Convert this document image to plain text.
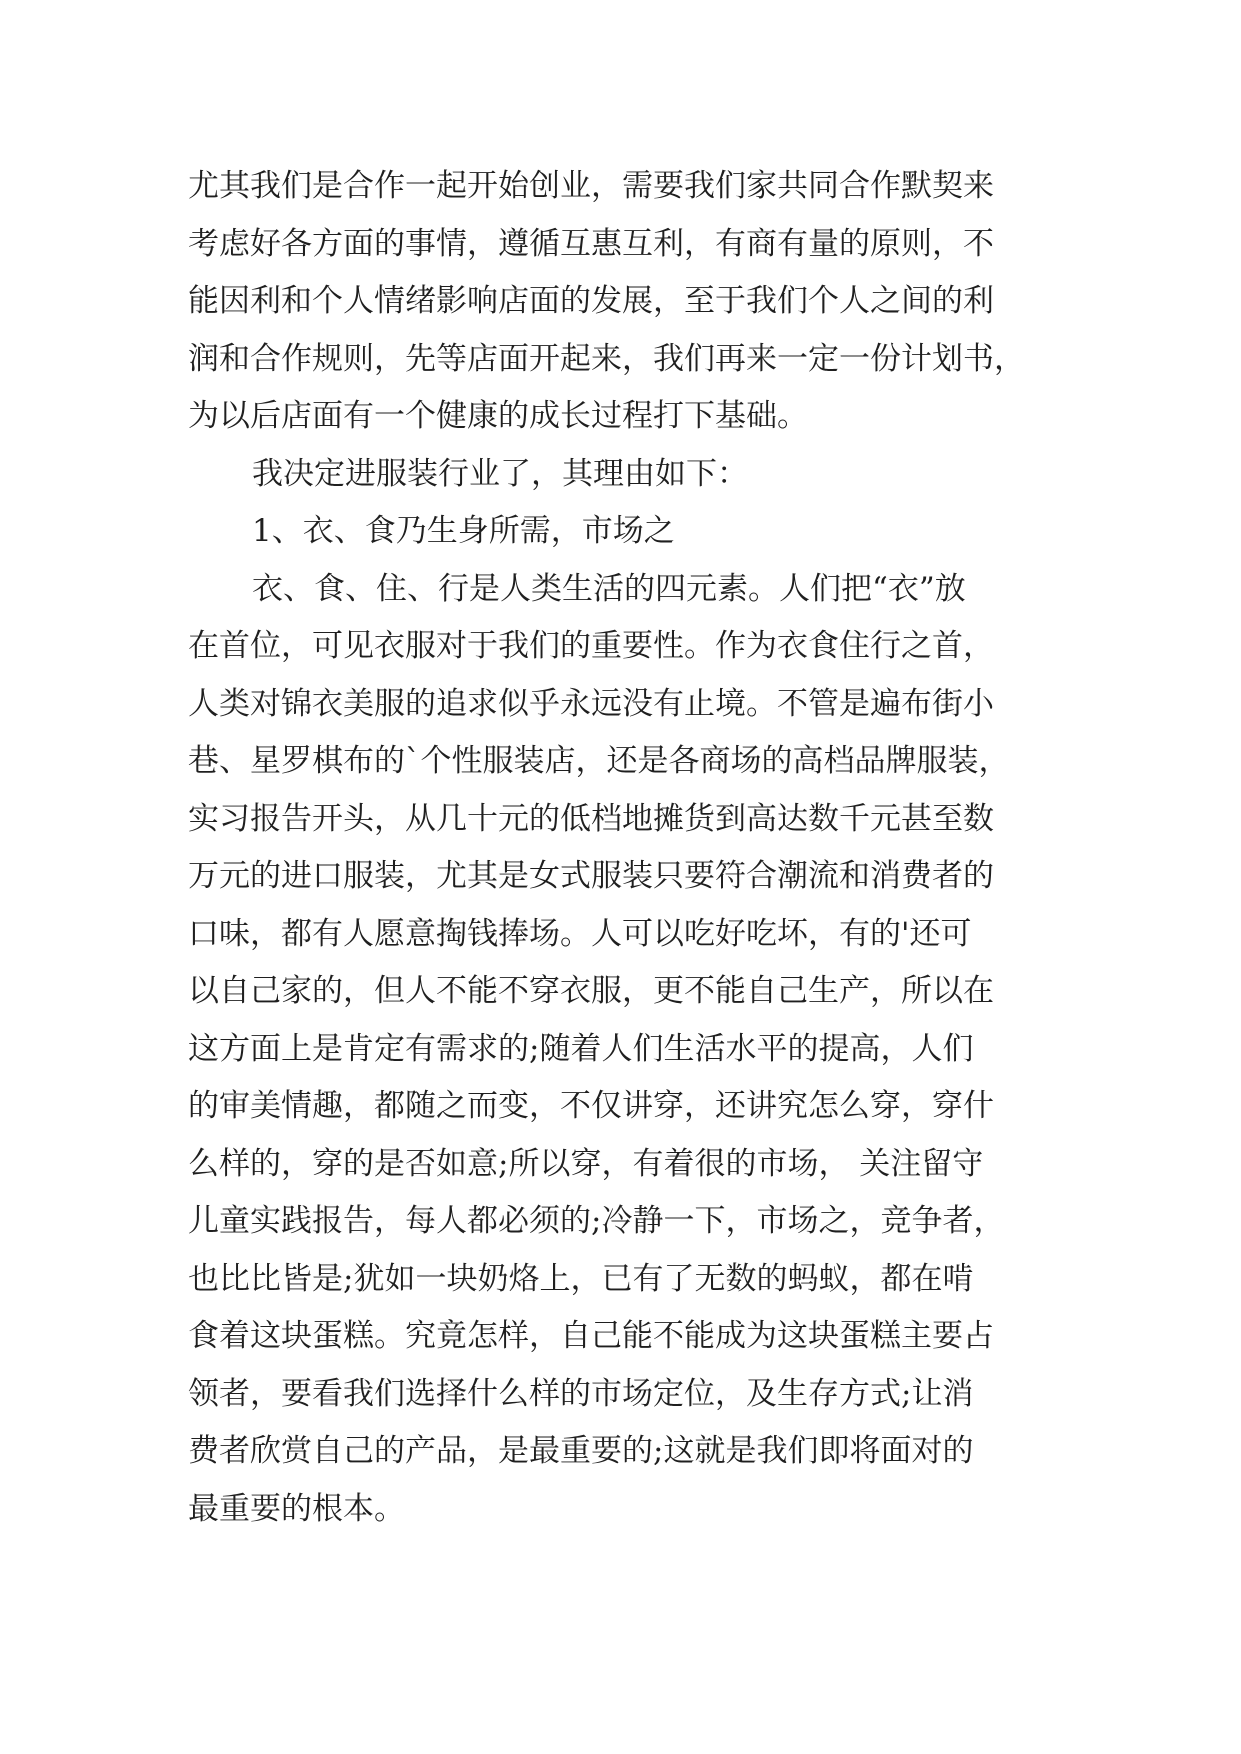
尤其我们是合作一起开始创业，需要我们家共同合作默契来
考虑好各方面的事情，遵循互惠互利，有商有量的原则，不
能因利和个人情绪影响店面的发展，至于我们个人之间的利
润和合作规则，先等店面开起来，我们再来一定一份计划书，
为以后店面有一个健康的成长过程打下基础。
我决定进服装行业了，其理由如下：
1、衣、食乃生身所需，市场之
衣、食、住、行是人类生活的四元素。人们把“衣”放
在首位，可见衣服对于我们的重要性。作为衣食住行之首，
人类对锦衣美服的追求似乎永远没有止境。不管是遍布街小
巷、星罗棋布的`个性服装店，还是各商场的高档品牌服装，
实习报告开头，从几十元的低档地摊货到高达数千元甚至数
万元的进口服装，尤其是女式服装只要符合潮流和消费者的
口味，都有人愿意掏钱捧场。人可以吃好吃坏，有的'还可
以自己家的，但人不能不穿衣服，更不能自己生产，所以在
这方面上是肯定有需求的;随着人们生活水平的提高，人们
的审美情趣，都随之而变，不仅讲穿，还讲究怎么穿，穿什
么样的，穿的是否如意;所以穿，有着很的市场， 关注留守
儿童实践报告，每人都必须的;冷静一下，市场之，竞争者，
也比比皆是;犹如一块奶烙上，已有了无数的蚂蚁，都在啃
食着这块蛋糕。究竟怎样，自己能不能成为这块蛋糕主要占
领者，要看我们选择什么样的市场定位，及生存方式;让消
费者欣赏自己的产品，是最重要的;这就是我们即将面对的
最重要的根本。
